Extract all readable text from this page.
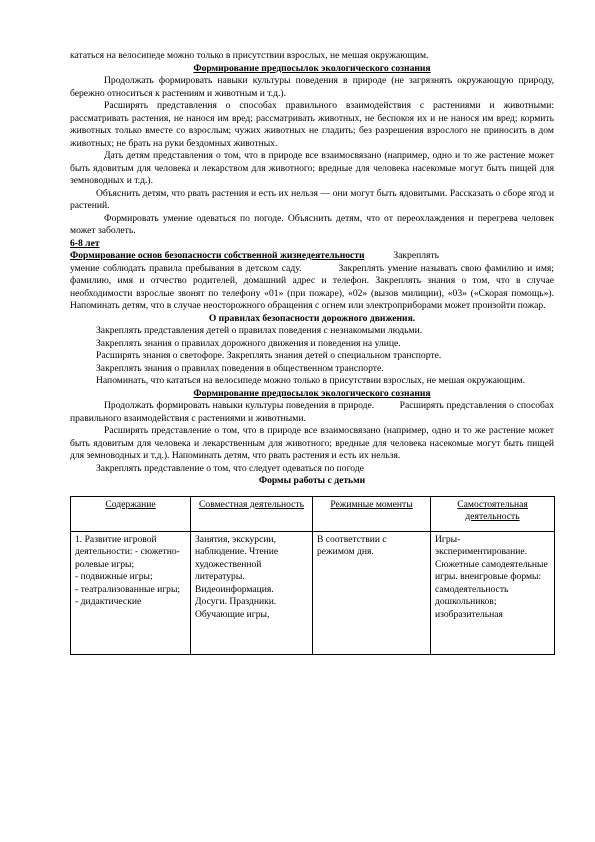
кататься на велосипеде можно только в присутствии взрослых, не мешая окружающим.

Формирование предпосылок экологического сознания

Продолжать формировать навыки культуры поведения в природе (не загрязнять окружающую природу, бережно относиться к растениям и животным и т.д.).

Расширять представления о способах правильного взаимодействия с растениями и животными: рассматривать растения, не нанося им вред; рассматривать животных, не беспокоя их и не нанося им вред; кормить животных только вместе со взрослым; чужих животных не гладить; без разрешения взрослого не приносить в дом животных; не брать на руки бездомных животных.

Дать детям представления о том, что в природе все взаимосвязано (например, одно и то же растение может быть ядовитым для человека и лекарством для животного; вредные для человека насекомые могут быть пищей для земноводных и т.д.).

Объяснить детям, что рвать растения и есть их нельзя — они могут быть ядовитыми. Рассказать о сборе ягод и растений.

Формировать умение одеваться по погоде. Объяснить детям, что от переохлаждения и перегрева человек может заболеть.

6-8 лет

Формирование основ безопасности собственной жизнедеятельности	Закреплять

умение соблюдать правила пребывания в детском саду.	Закреплять умение называть свою фамилию и имя; фамилию, имя и отчество родителей, домашний адрес и телефон. Закреплять знания о том, что в случае необходимости взрослые звонят по телефону «01» (при пожаре), «02» (вызов милиции), «03» («Скорая помощь»). Напоминать детям, что в случае неосторожного обращения с огнем или электроприборами может произойти пожар.

О правилах безопасности дорожного движения.

Закреплять представления детей о правилах поведения с незнакомыми людьми.

Закреплять знания о правилах дорожного движения и поведения на улице.

Расширять знания о светофоре. Закреплять знания детей о специальном транспорте.

Закреплять знания о правилах поведения в общественном транспорте.

Напоминать, что кататься на велосипеде можно только в присутствии взрослых, не мешая окружающим.

Формирование предпосылок экологического сознания

Продолжать формировать навыки культуры поведения в природе.	Расширять представления о способах правильного взаимодействия с растениями и животными.

Расширять представление о том, что в природе все взаимосвязано (например, одно и то же растение может быть ядовитым для человека и лекарственным для животного; вредные для человека насекомые могут быть пищей для земноводных и т.д.). Напоминать детям, что рвать растения и есть их нельзя.

Закреплять представление о том, что следует одеваться по погоде

Формы работы с детьми

Содержание	Совместная деятельность	Режимные моменты	Самостоятельная деятельность
1. Развитие игровой деятельности: - сюжетно-ролевые игры;
- подвижные игры;
- театрализованные игры;
- дидактические	Занятия, экскурсии, наблюдение. Чтение художественной литературы. Видеоинформация. Досуги. Праздники. Обучающие игры,	В соответствии с режимом дня.	Игры-экспериментирование. Сюжетные самодеятельные игры. внеигровые формы: самодеятельность дошкольников; изобразительная
